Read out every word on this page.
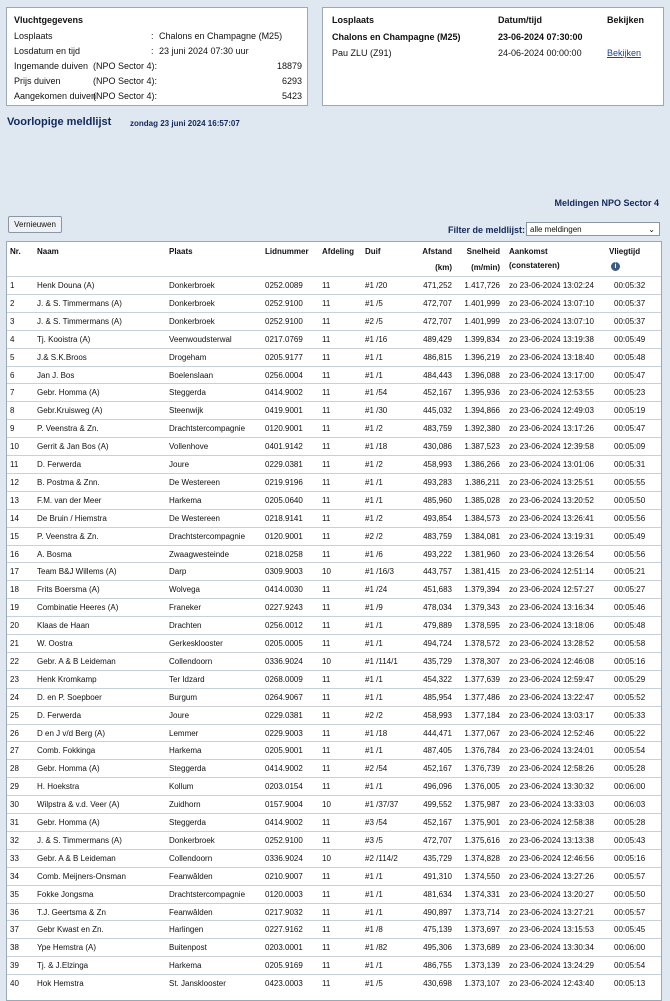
Vluchtgegevens
Losplaats	: Chalons en Champagne (M25)
Losdatum en tijd	: 23 juni 2024 07:30 uur
Ingemande duiven (NPO Sector 4):	18879
Prijs duiven	(NPO Sector 4):	6293
Aangekomen duiven
(NPO Sector 4):	5423
Losplaats	Datum/tijd	Bekijken
Chalons en Champagne (M25)	23-06-2024 07:30:00
Pau ZLU (Z91)	24-06-2024 00:00:00	Bekijken
Voorlopige meldlijst zondag 23 juni 2024 16:57:07
Meldingen NPO Sector 4
Vernieuwen
Filter de meldlijst: alle meldingen	⌄
Nr. Naam	Plaats	Lidnummer Afdeling Duif	Afstand
(km)
Snelheid
(m/min)
Aankomst
(constateren)
Vliegtijd
i
1	Henk Douna (A)	Donkerbroek	0252.0089	11	#1 /20	471,252	1.417,726 zo 23-06-2024 13:02:24	00:05:32
2	J. & S. Timmermans (A)	Donkerbroek	0252.9100	11	#1 /5	472,707	1.401,999 zo 23-06-2024 13:07:10	00:05:37
3	J. & S. Timmermans (A)	Donkerbroek	0252.9100	11	#2 /5	472,707	1.401,999 zo 23-06-2024 13:07:10	00:05:37
4	Tj. Kooistra (A)	Veenwoudsterwal	0217.0769	11	#1 /16	489,429	1.399,834 zo 23-06-2024 13:19:38	00:05:49
5	J.& S.K.Broos	Drogeham	0205.9177	11	#1 /1	486,815	1.396,219 zo 23-06-2024 13:18:40	00:05:48
6	Jan J. Bos	Boelenslaan	0256.0004	11	#1 /1	484,443	1.396,088 zo 23-06-2024 13:17:00	00:05:47
7	Gebr. Homma (A)	Steggerda	0414.9002	11	#1 /54	452,167	1.395,936 zo 23-06-2024 12:53:55	00:05:23
8	Gebr.Kruisweg (A)	Steenwijk	0419.9001	11	#1 /30	445,032	1.394,866 zo 23-06-2024 12:49:03	00:05:19
9	P. Veenstra & Zn.	Drachtstercompagnie	0120.9001	11	#1 /2	483,759	1.392,380 zo 23-06-2024 13:17:26	00:05:47
10	Gerrit & Jan Bos (A)	Vollenhove	0401.9142	11	#1 /18	430,086	1.387,523 zo 23-06-2024 12:39:58	00:05:09
11	D. Ferwerda	Joure	0229.0381	11	#1 /2	458,993	1.386,266 zo 23-06-2024 13:01:06	00:05:31
12	B. Postma & Znn.	De Westereen	0219.9196	11	#1 /1	493,283	1.386,211 zo 23-06-2024 13:25:51	00:05:55
13	F.M. van der Meer	Harkema	0205.0640	11	#1 /1	485,960	1.385,028 zo 23-06-2024 13:20:52	00:05:50
14	De Bruin / Hiemstra	De Westereen	0218.9141	11	#1 /2	493,854	1.384,573 zo 23-06-2024 13:26:41	00:05:56
15	P. Veenstra & Zn.	Drachtstercompagnie	0120.9001	11	#2 /2	483,759	1.384,081 zo 23-06-2024 13:19:31	00:05:49
16	A. Bosma	Zwaagwesteinde	0218.0258	11	#1 /6	493,222	1.381,960 zo 23-06-2024 13:26:54	00:05:56
17	Team B&J Willems (A)	Darp	0309.9003	10	#1 /16/3	443,757	1.381,415 zo 23-06-2024 12:51:14	00:05:21
18	Frits Boersma (A)	Wolvega	0414.0030	11	#1 /24	451,683	1.379,394 zo 23-06-2024 12:57:27	00:05:27
19	Combinatie Heeres (A)	Franeker	0227.9243	11	#1 /9	478,034	1.379,343 zo 23-06-2024 13:16:34	00:05:46
20	Klaas de Haan	Drachten	0256.0012	11	#1 /1	479,889	1.378,595 zo 23-06-2024 13:18:06	00:05:48
21	W. Oostra	Gerkesklooster	0205.0005	11	#1 /1	494,724	1.378,572 zo 23-06-2024 13:28:52	00:05:58
22	Gebr. A & B Leideman	Collendoorn	0336.9024	10	#1 /114/1	435,729	1.378,307 zo 23-06-2024 12:46:08	00:05:16
23	Henk Kromkamp	Ter Idzard	0268.0009	11	#1 /1	454,322	1.377,639 zo 23-06-2024 12:59:47	00:05:29
24	D. en P. Soepboer	Burgum	0264.9067	11	#1 /1	485,954	1.377,486 zo 23-06-2024 13:22:47	00:05:52
25	D. Ferwerda	Joure	0229.0381	11	#2 /2	458,993	1.377,184 zo 23-06-2024 13:03:17	00:05:33
26	D en J v/d Berg (A)	Lemmer	0229.9003	11	#1 /18	444,471	1.377,067 zo 23-06-2024 12:52:46	00:05:22
27	Comb. Fokkinga	Harkema	0205.9001	11	#1 /1	487,405	1.376,784 zo 23-06-2024 13:24:01	00:05:54
28	Gebr. Homma (A)	Steggerda	0414.9002	11	#2 /54	452,167	1.376,739 zo 23-06-2024 12:58:26	00:05:28
29	H. Hoekstra	Kollum	0203.0154	11	#1 /1	496,096	1.376,005 zo 23-06-2024 13:30:32	00:06:00
30	Wilpstra & v.d. Veer (A)	Zuidhorn	0157.9004	10	#1 /37/37	499,552	1.375,987 zo 23-06-2024 13:33:03	00:06:03
31	Gebr. Homma (A)	Steggerda	0414.9002	11	#3 /54	452,167	1.375,901 zo 23-06-2024 12:58:38	00:05:28
32	J. & S. Timmermans (A)	Donkerbroek	0252.9100	11	#3 /5	472,707	1.375,616 zo 23-06-2024 13:13:38	00:05:43
33	Gebr. A & B Leideman	Collendoorn	0336.9024	10	#2 /114/2	435,729	1.374,828 zo 23-06-2024 12:46:56	00:05:16
34	Comb. Meijners-Onsman	Feanwâlden	0210.9007	11	#1 /1	491,310	1.374,550 zo 23-06-2024 13:27:26	00:05:57
35	Fokke Jongsma	Drachtstercompagnie	0120.0003	11	#1 /1	481,634	1.374,331 zo 23-06-2024 13:20:27	00:05:50
36	T.J. Geertsma & Zn	Feanwâlden	0217.9032	11	#1 /1	490,897	1.373,714 zo 23-06-2024 13:27:21	00:05:57
37	Gebr Kwast en Zn.	Harlingen	0227.9162	11	#1 /8	475,139	1.373,697 zo 23-06-2024 13:15:53	00:05:45
38	Ype Hemstra (A)	Buitenpost	0203.0001	11	#1 /82	495,306	1.373,689 zo 23-06-2024 13:30:34	00:06:00
39	Tj. & J.Elzinga	Harkema	0205.9169	11	#1 /1	486,755	1.373,139 zo 23-06-2024 13:24:29	00:05:54
40	Hok Hemstra	St. Jansklooster	0423.0003	11	#1 /5	430,698	1.373,107 zo 23-06-2024 12:43:40	00:05:13
